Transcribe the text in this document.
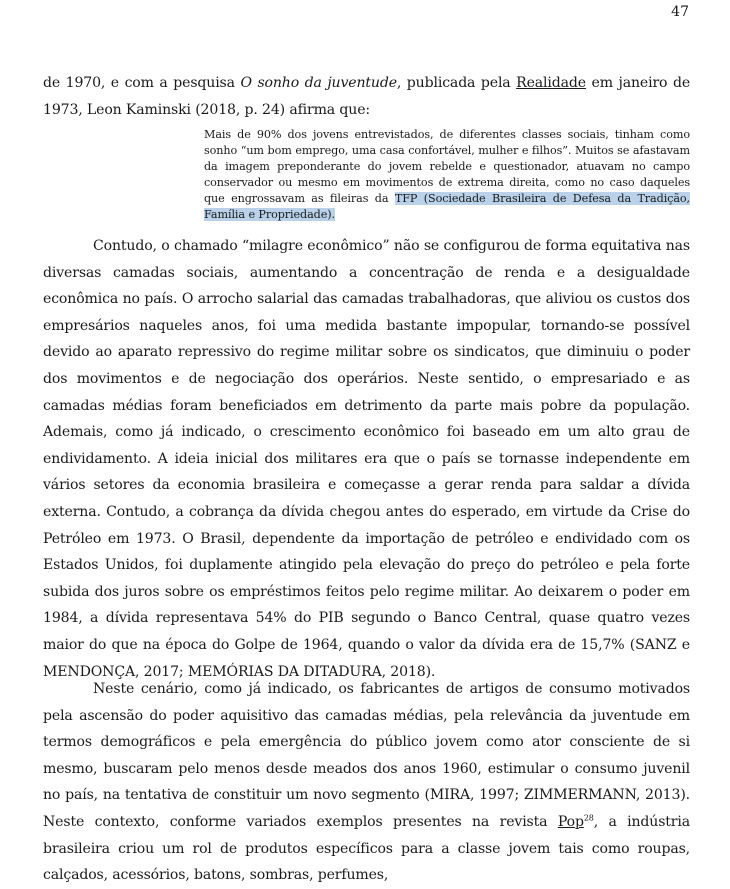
47

de 1970, e com a pesquisa O sonho da juventude, publicada pela Realidade em janeiro de 1973, Leon Kaminski (2018, p. 24) afirma que:

Mais de 90% dos jovens entrevistados, de diferentes classes sociais, tinham como sonho “um bom emprego, uma casa confortável, mulher e filhos”. Muitos se afastavam da imagem preponderante do jovem rebelde e questionador, atuavam no campo conservador ou mesmo em movimentos de extrema direita, como no caso daqueles que engrossavam as fileiras da TFP (Sociedade Brasileira de Defesa da Tradição, Família e Propriedade).

Contudo, o chamado “milagre econômico” não se configurou de forma equitativa nas diversas camadas sociais, aumentando a concentração de renda e a desigualdade econômica no país. O arrocho salarial das camadas trabalhadoras, que aliviou os custos dos empresários naqueles anos, foi uma medida bastante impopular, tornando-se possível devido ao aparato repressivo do regime militar sobre os sindicatos, que diminuiu o poder dos movimentos e de negociação dos operários. Neste sentido, o empresariado e as camadas médias foram beneficiados em detrimento da parte mais pobre da população. Ademais, como já indicado, o crescimento econômico foi baseado em um alto grau de endividamento. A ideia inicial dos militares era que o país se tornasse independente em vários setores da economia brasileira e começasse a gerar renda para saldar a dívida externa. Contudo, a cobrança da dívida chegou antes do esperado, em virtude da Crise do Petróleo em 1973. O Brasil, dependente da importação de petróleo e endividado com os Estados Unidos, foi duplamente atingido pela elevação do preço do petróleo e pela forte subida dos juros sobre os empréstimos feitos pelo regime militar. Ao deixarem o poder em 1984, a dívida representava 54% do PIB segundo o Banco Central, quase quatro vezes maior do que na época do Golpe de 1964, quando o valor da dívida era de 15,7% (SANZ e MENDONÇA, 2017; MEMÓRIAS DA DITADURA, 2018).

Neste cenário, como já indicado, os fabricantes de artigos de consumo motivados pela ascensão do poder aquisitivo das camadas médias, pela relevância da juventude em termos demográficos e pela emergência do público jovem como ator consciente de si mesmo, buscaram pelo menos desde meados dos anos 1960, estimular o consumo juvenil no país, na tentativa de constituir um novo segmento (MIRA, 1997; ZIMMERMANN, 2013). Neste contexto, conforme variados exemplos presentes na revista Pop$^{28}$, a indústria brasileira criou um rol de produtos específicos para a classe jovem tais como roupas, calçados, acessórios, batons, sombras, perfumes,
